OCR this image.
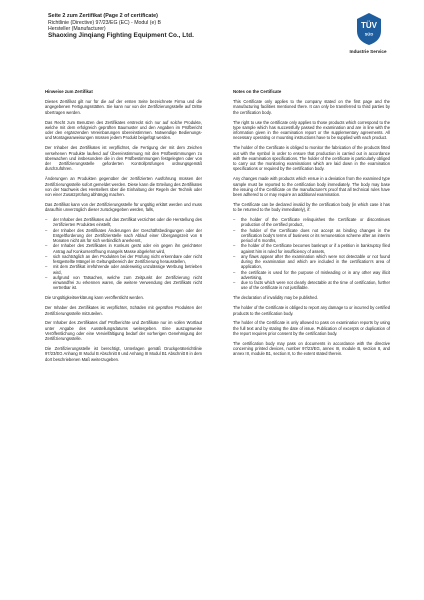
Seite 2 zum Zertifikat (Page 2 of certificate)
Richtlinie (Directive) 97/23/EG (EC) - Modul (e) B
Hersteller (Manufacturer)
Shaoxing Jinqiang Fighting Equipment Co., Ltd.
TÜV
SÜD
Industrie Service
Hinweise zum Zertifikat

Dieses Zertifikat gilt nur für die auf der ersten Seite bezeichnete Firma und die angegebenen Fertigungsstätten. Sie kann nur von der Zertifizierungsstelle auf Dritte übertragen werden.

Das Recht zum Benutzen des Zertifikates erstreckt sich nur auf solche Produkte, welche mit dem erfolgreich geprüften Baumuster und den Angaben im Prüfbericht oder den ergänzenden Vereinbarungen übereinstimmen. Notwendige Bedienungs- und Montageanweisungen müssen jedem Produkt beigefügt werden.

Der Inhaber des Zertifikates ist verpflichtet, die Fertigung der mit dem Zeichen versehenen Produkte laufend auf Übereinstimmung mit den Prüfbestimmungen zu überwachen und insbesondere die in den Prüfbestimmungen festgelegten oder von der Zertifizierungsstelle geforderten Kontrollprüfungen ordnungsgemäß durchzuführen.

Änderungen an Produkten gegenüber der zertifizierten Ausführung müssen der Zertifizierungsstelle sofort gemeldet werden. Diese kann die Erteilung des Zertifikates von der Nachweis des Herstellers über die Einhaltung der Regeln der Technik oder von einer Zusatzprüfung abhängig machen.

Das Zertifikat kann von der Zertifizierungsstelle für ungültig erklärt werden und muss daraufhin unverzüglich dieser zurückgegeben werden, falls,

– der Inhaber des Zertifikates auf das Zertifikat verzichtet oder die Herstellung des zertifizierten Produktes einstellt,
– der Inhaber des Zertifikates Änderungen der Geschäftsbedingungen oder der Entgeltforderung der Zertifizierstelle nach Ablauf einer Übergangszeit von 6 Monaten nicht als für sich verbindlich anerkennt,
– der Inhaber des Zertifikates in Konkurs gerät oder ein gegen ihn gerichteter Antrag auf Konkurseröffnung mangels Masse abgelehnt wird,
– sich nachträglich an den Produkten bei der Prüfung nicht erkennbare oder nicht festgestellte Mängel im Geltungsbereich der Zertifizierung herausstellen,
– mit dem Zertifikat irreführende oder anderweitig unzulässige Werbung betrieben wird,
– aufgrund von Tatsachen, welche zum Zeitpunkt der Zertifizierung nicht einwandfrei zu erkennen waren, die weitere Verwendung des Zertifikats nicht vertretbar ist.

Die Ungültigkeitserklärung kann veröffentlicht werden.

Der Inhaber des Zertifikates ist verpflichtet, Schäden mit geprüften Produkten der Zertifizierungsstelle mitzuteilen.

Der Inhaber des Zertifikates darf Prüfberichte und Zertifikate nur im vollen Wortlaut unter Angabe des Ausstellungsdatums weitergeben. Eine auszugsweise Veröffentlichung oder eine Vervielfältigung bedarf der vorherigen Genehmigung der Zertifizierungsstelle.

Die Zertifizierungsstelle ist berechtigt, Unterlagen gemäß Druckgeräterichtlinie 97/23/EG Anhang III Modul B Abschnitt 8 und Anhang III Modul B1 Abschnitt 8 in dem dort beschriebenen Maß weiterzugeben.

Notes on the Certificate

This Certificate only applies to the company stated on the first page and the manufacturing facilities mentioned there. It can only be transferred to third parties by the certification body.

The right to use the certificate only applies to those products which correspond to the type sample which has successfully passed the examination and are in line with the information given in the examination report or the supplementary agreements. All necessary operating or mounting instructions have to be supplied with each product.

The holder of the Certificate is obliged to monitor the fabrication of the products fitted out with the symbol in order to ensure that production is carried out in accordance with the examination specifications. The holder of the certificate is particularly obliged to carry out the monitoring examinations which are laid down in the examination specifications or required by the certification body.

Any changes made with products which ensue in a deviation from the examined type sample must be reported to the certification body immediately. The body may base the issuing of the Certificate on the manufacturer's proof that all technical rules have been adhered to or may require an additional examination.

The Certificate can be declared invalid by the certification body (in which case it has to be returned to the body immediately), if:

– the holder of the Certificate relinquishes the Certificate or discontinues production of the certified product,
– the holder of the Certificate does not accept as binding changes in the certification body's terms of business or its remuneration scheme after an interim period of 6 months,
– the holder of the Certificate becomes bankrupt or if a petition in bankruptcy filed against him is ruled for insufficiency of assets,
– any flaws appear after the examination which were not detectable or not found during the examination and which are included in the certification's area of application,
– the certificate is used for the purpose of misleading or in any other way illicit advertising,
– due to facts which were not clearly detectable at the time of certification, further use of the certificate is not justifiable.

The declaration of invalidity may be published.

The holder of the Certificate is obliged to report any damage to or incurred by certified products to the certification body.

The holder of the Certificate is only allowed to pass on examination reports by using the full text and by stating the date of issue. Publication of excerpts or duplication of the report requires prior consent by the certification body.

The certification body may pass on documents in accordance with the directive concerning printed devices, number 97/23/EG, annex III, module B, section 8, and annex III, module B1, section 8, to the extent stated therein.
